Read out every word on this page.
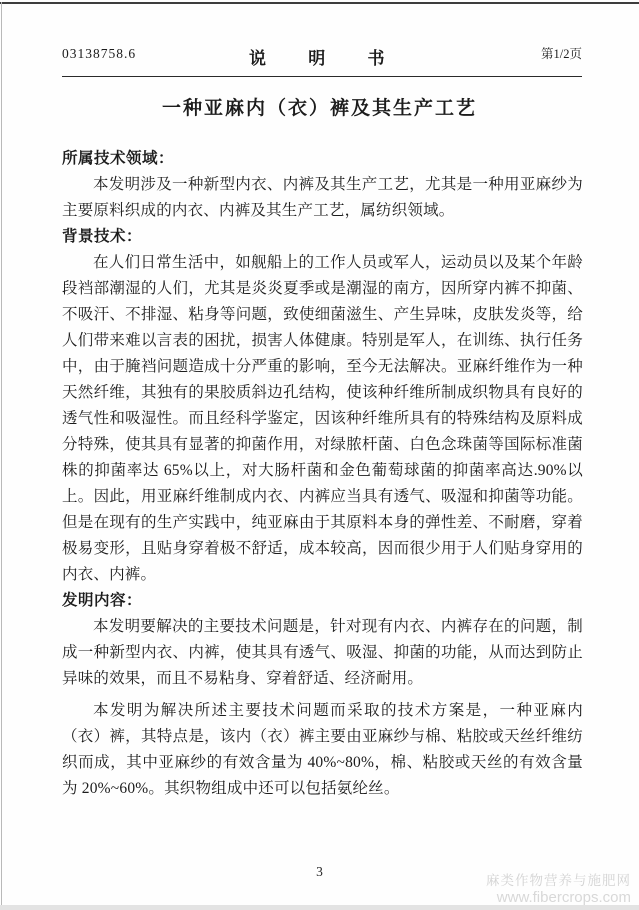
03138758.6	说 明 书	第1/2页
一种亚麻内（衣）裤及其生产工艺
所属技术领域：

本发明涉及一种新型内衣、内裤及其生产工艺，尤其是一种用亚麻纱为主要原料织成的内衣、内裤及其生产工艺，属纺织领域。

背景技术：

在人们日常生活中，如舰船上的工作人员或军人，运动员以及某个年龄段裆部潮湿的人们，尤其是炎炎夏季或是潮湿的南方，因所穿内裤不抑菌、不吸汗、不排湿、粘身等问题，致使细菌滋生、产生异味，皮肤发炎等，给人们带来难以言表的困扰，损害人体健康。特别是军人，在训练、执行任务中，由于腌裆问题造成十分严重的影响，至今无法解决。亚麻纤维作为一种天然纤维，其独有的果胶质斜边孔结构，使该种纤维所制成织物具有良好的透气性和吸湿性。而且经科学鉴定，因该种纤维所具有的特殊结构及原料成分特殊，使其具有显著的抑菌作用，对绿脓杆菌、白色念珠菌等国际标准菌株的抑菌率达 65%以上，对大肠杆菌和金色葡萄球菌的抑菌率高达.90%以上。因此，用亚麻纤维制成内衣、内裤应当具有透气、吸湿和抑菌等功能。但是在现有的生产实践中，纯亚麻由于其原料本身的弹性差、不耐磨，穿着极易变形，且贴身穿着极不舒适，成本较高，因而很少用于人们贴身穿用的内衣、内裤。

发明内容：

本发明要解决的主要技术问题是，针对现有内衣、内裤存在的问题，制成一种新型内衣、内裤，使其具有透气、吸湿、抑菌的功能，从而达到防止异味的效果，而且不易粘身、穿着舒适、经济耐用。

本发明为解决所述主要技术问题而采取的技术方案是，一种亚麻内（衣）裤，其特点是，该内（衣）裤主要由亚麻纱与棉、粘胶或天丝纤维纺织而成，其中亚麻纱的有效含量为 40%~80%，棉、粘胶或天丝的有效含量为 20%~60%。其织物组成中还可以包括氨纶丝。

3
麻类作物营养与施肥网
www.fibercrops.com
